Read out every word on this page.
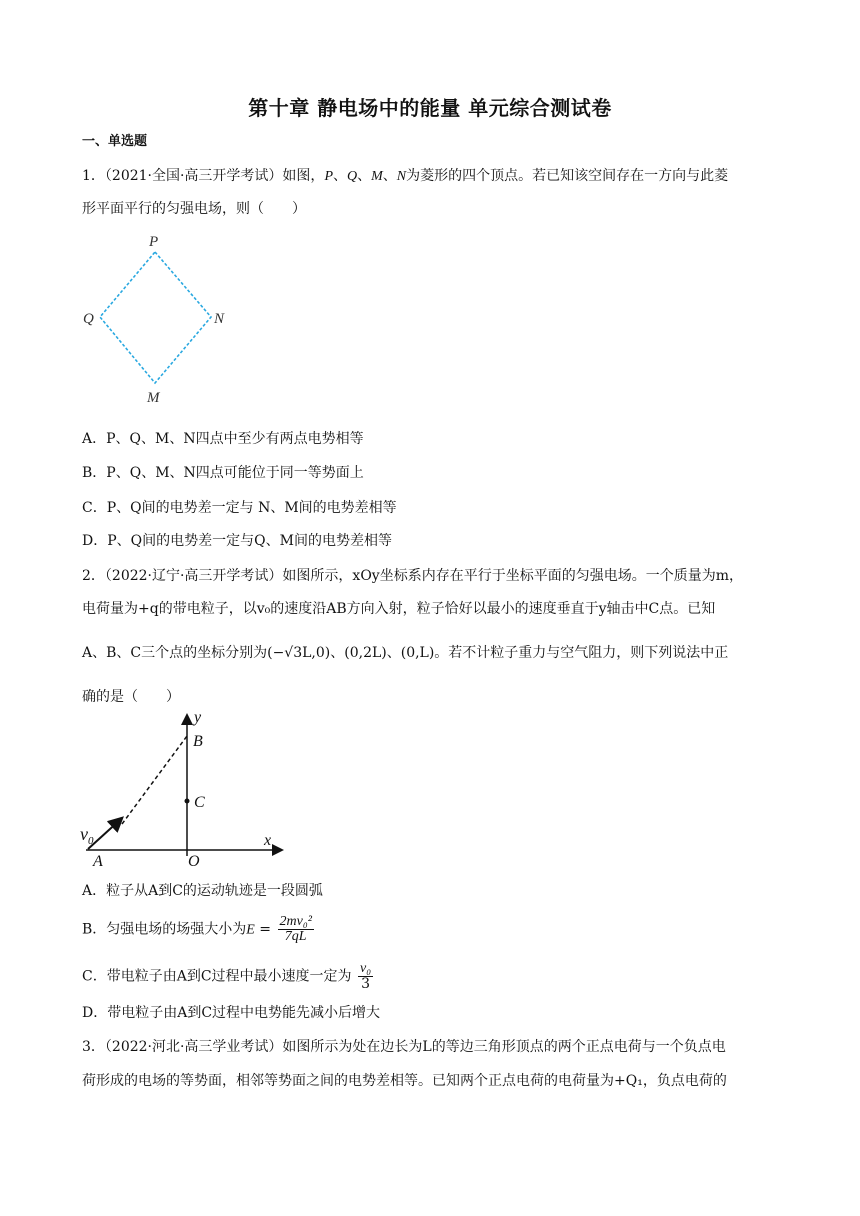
第十章 静电场中的能量 单元综合测试卷
一、单选题
1．（2021·全国·高三开学考试）如图，P、Q、M、N为菱形的四个顶点。若已知该空间存在一方向与此菱
形平面平行的匀强电场，则（　　）
P
Q	N
M
A．P、Q、M、N四点中至少有两点电势相等
B．P、Q、M、N四点可能位于同一等势面上
C．P、Q间的电势差一定与 N、M间的电势差相等
D．P、Q间的电势差一定与Q、M间的电势差相等
2．（2022·辽宁·高三开学考试）如图所示，xOy坐标系内存在平行于坐标平面的匀强电场。一个质量为m，
电荷量为+q的带电粒子，以v₀的速度沿AB方向入射，粒子恰好以最小的速度垂直于y轴击中C点。已知
A、B、C三个点的坐标分别为(−√3L,0)、(0,2L)、(0,L)。若不计粒子重力与空气阻力，则下列说法中正
确的是（　　）
y
B
C
x
O
A
$v_0$
A．粒子从A到C的运动轨迹是一段圆弧
B．匀强电场的场强大小为$E = \frac{\text{2mv₀²}}{7qL}$
C．带电粒子由A到C过程中最小速度一定为 $\frac{\text{v₀}}{3}$
D．带电粒子由A到C过程中电势能先减小后增大
3．（2022·河北·高三学业考试）如图所示为处在边长为L的等边三角形顶点的两个正点电荷与一个负点电
荷形成的电场的等势面，相邻等势面之间的电势差相等。已知两个正点电荷的电荷量为+Q₁，负点电荷的
